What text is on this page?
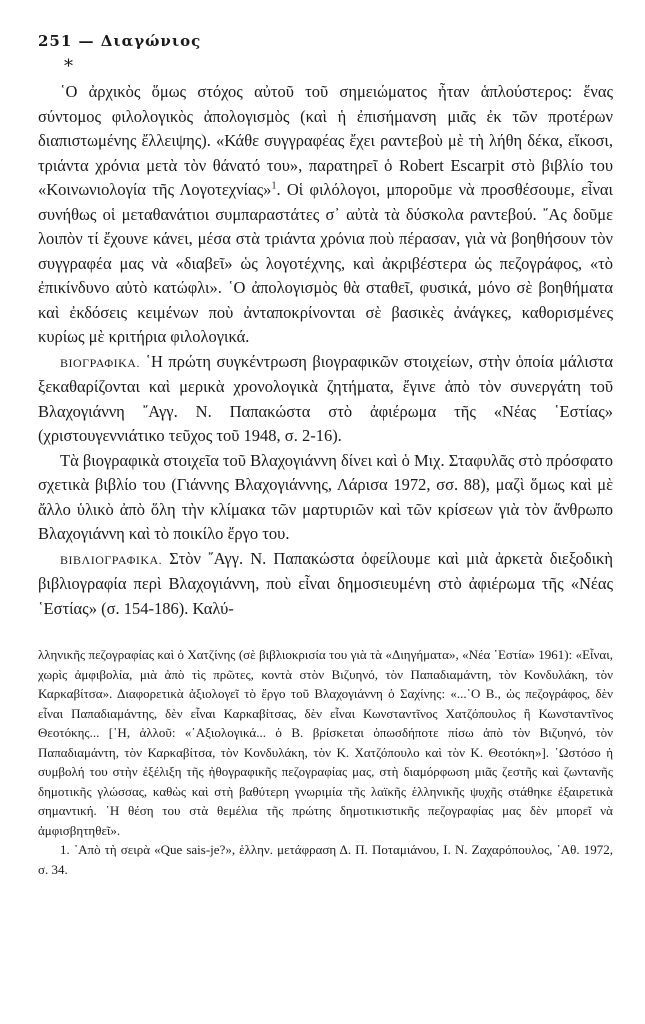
251 — Διαγώνιος
*

῾Ο ἀρχικὸς ὅμως στόχος αὐτοῦ τοῦ σημειώματος ἦταν ἁπλούστερος: ἕνας σύντομος φιλολογικὸς ἀπολογισμὸς (καὶ ἡ ἐπισήμανση μιᾶς ἐκ τῶν προτέρων διαπιστωμένης ἔλλειψης). «Κάθε συγγραφέας ἔχει ραντεβοὺ μὲ τὴ λήθη δέκα, εἴκοσι, τριάντα χρόνια μετὰ τὸν θάνατό του», παρατηρεῖ ὁ Robert Escarpit στὸ βιβλίο του «Κοινωνιολογία τῆς Λογοτεχνίας»$^1$. Οἱ φιλόλογοι, μποροῦμε νὰ προσθέσουμε, εἶναι συνήθως οἱ μεταθανάτιοι συμπαραστάτες σ᾿ αὐτὰ τὰ δύσκολα ραντεβού. ῎Ας δοῦμε λοιπὸν τί ἔχουνε κάνει, μέσα στὰ τριάντα χρόνια ποὺ πέρασαν, γιὰ νὰ βοηθήσουν τὸν συγγραφέα μας νὰ «διαβεῖ» ὡς λογοτέχνης, καὶ ἀκριβέστερα ὡς πεζογράφος, «τὸ ἐπικίνδυνο αὐτὸ κατώφλι». ῾Ο ἀπολογισμὸς θὰ σταθεῖ, φυσικά, μόνο σὲ βοηθήματα καὶ ἐκδόσεις κειμένων ποὺ ἀνταποκρίνονται σὲ βασικὲς ἀνάγκες, καθορισμένες κυρίως μὲ κριτήρια φιλολογικά.

ΒΙΟΓΡΑΦΙΚΑ. ῾Η πρώτη συγκέντρωση βιογραφικῶν στοιχείων, στὴν ὁποία μάλιστα ξεκαθαρίζονται καὶ μερικὰ χρονολογικὰ ζητήματα, ἔγινε ἀπὸ τὸν συνεργάτη τοῦ Βλαχογιάννη ῎Αγγ. Ν. Παπακώστα στὸ ἀφιέρωμα τῆς «Νέας ῾Εστίας» (χριστουγεννιάτικο τεῦχος τοῦ 1948, σ. 2-16).

Τὰ βιογραφικὰ στοιχεῖα τοῦ Βλαχογιάννη δίνει καὶ ὁ Μιχ. Σταφυλᾶς στὸ πρόσφατο σχετικὰ βιβλίο του (Γιάννης Βλαχογιάννης, Λάρισα 1972, σσ. 88), μαζὶ ὅμως καὶ μὲ ἄλλο ὑλικὸ ἀπὸ ὅλη τὴν κλίμακα τῶν μαρτυριῶν καὶ τῶν κρίσεων γιὰ τὸν ἄνθρωπο Βλαχογιάννη καὶ τὸ ποικίλο ἔργο του.

ΒΙΒΛΙΟΓΡΑΦΙΚΑ. Στὸν ῎Αγγ. Ν. Παπακώστα ὀφείλουμε καὶ μιὰ ἀρκετὰ διεξοδικὴ βιβλιογραφία περὶ Βλαχογιάννη, ποὺ εἶναι δημοσιευμένη στὸ ἀφιέρωμα τῆς «Νέας ῾Εστίας» (σ. 154-186). Καλύ-

λληνικῆς πεζογραφίας καὶ ὁ Χατζίνης (σὲ βιβλιοκρισία του γιὰ τὰ «Διηγήματα», «Νέα ῾Εστία» 1961): «Εἶναι, χωρὶς ἀμφιβολία, μιὰ ἀπὸ τὶς πρῶτες, κοντὰ στὸν Βιζυηνό, τὸν Παπαδιαμάντη, τὸν Κονδυλάκη, τὸν Καρκαβίτσα». Διαφορετικὰ ἀξιολογεῖ τὸ ἔργο τοῦ Βλαχογιάννη ὁ Σαχίνης: «...῾Ο Β., ὡς πεζογράφος, δὲν εἶναι Παπαδιαμάντης, δὲν εἶναι Καρκαβίτσας, δὲν εἶναι Κωνσταντῖνος Χατζόπουλος ἢ Κωνσταντῖνος Θεοτόκης... [῾Η, ἀλλοῦ: «῾Αξιολογικά... ὁ Β. βρίσκεται ὁπωσδήποτε πίσω ἀπὸ τὸν Βιζυηνό, τὸν Παπαδιαμάντη, τὸν Καρκαβίτσα, τὸν Κονδυλάκη, τὸν Κ. Χατζόπουλο καὶ τὸν Κ. Θεοτόκη»]. ῾Ωστόσο ἡ συμβολή του στὴν ἐξέλιξη τῆς ἠθογραφικῆς πεζογραφίας μας, στὴ διαμόρφωση μιᾶς ζεστῆς καὶ ζωντανῆς δημοτικῆς γλώσσας, καθὼς καὶ στὴ βαθύτερη γνωριμία τῆς λαϊκῆς ἑλληνικῆς ψυχῆς στάθηκε ἐξαιρετικὰ σημαντική. ῾Η θέση του στὰ θεμέλια τῆς πρώτης δημοτικιστικῆς πεζογραφίας μας δὲν μπορεῖ νὰ ἀμφισβητηθεῖ».

1. ᾿Απὸ τὴ σειρὰ «Que sais-je?», ἑλλην. μετάφραση Δ. Π. Ποταμιάνου, Ι. Ν. Ζαχαρόπουλος, ᾿Αθ. 1972, σ. 34.
